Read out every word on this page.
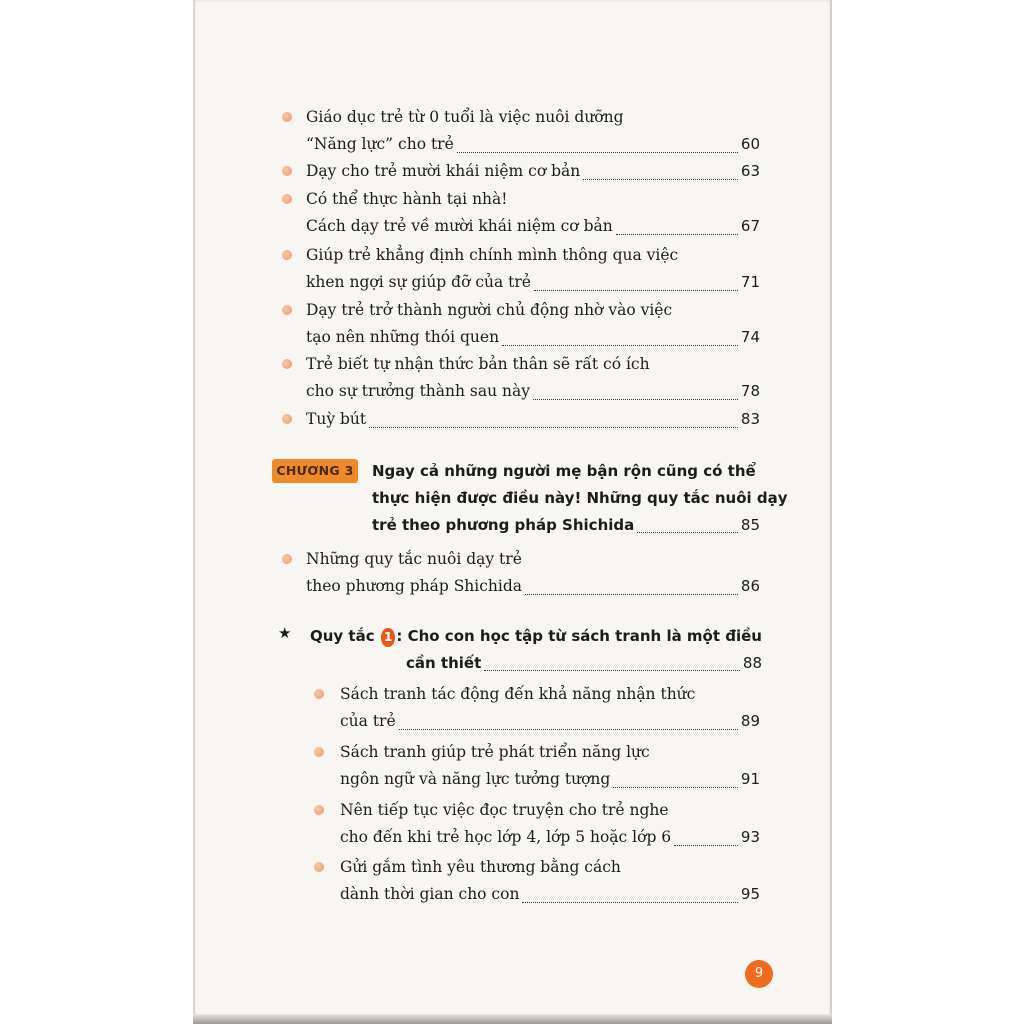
Giáo dục trẻ từ 0 tuổi là việc nuôi dưỡng
“Năng lực” cho trẻ	60
Dạy cho trẻ mười khái niệm cơ bản	63
Có thể thực hành tại nhà!
Cách dạy trẻ về mười khái niệm cơ bản	67
Giúp trẻ khẳng định chính mình thông qua việc
khen ngợi sự giúp đỡ của trẻ	71
Dạy trẻ trở thành người chủ động nhờ vào việc
tạo nên những thói quen	74
Trẻ biết tự nhận thức bản thân sẽ rất có ích
cho sự trưởng thành sau này	78
Tuỳ bút	83
CHƯƠNG 3 Ngay cả những người mẹ bận rộn cũng có thể
thực hiện được điều này! Những quy tắc nuôi dạy
trẻ theo phương pháp Shichida	85
Những quy tắc nuôi dạy trẻ
theo phương pháp Shichida	86
★ Quy tắc
1 : Cho con học tập từ sách tranh là một điều
cần thiết	88
Sách tranh tác động đến khả năng nhận thức
của trẻ	89
Sách tranh giúp trẻ phát triển năng lực
ngôn ngữ và năng lực tưởng tượng	91
Nên tiếp tục việc đọc truyện cho trẻ nghe
cho đến khi trẻ học lớp 4, lớp 5 hoặc lớp 6	93
Gửi gắm tình yêu thương bằng cách
dành thời gian cho con	95
9
